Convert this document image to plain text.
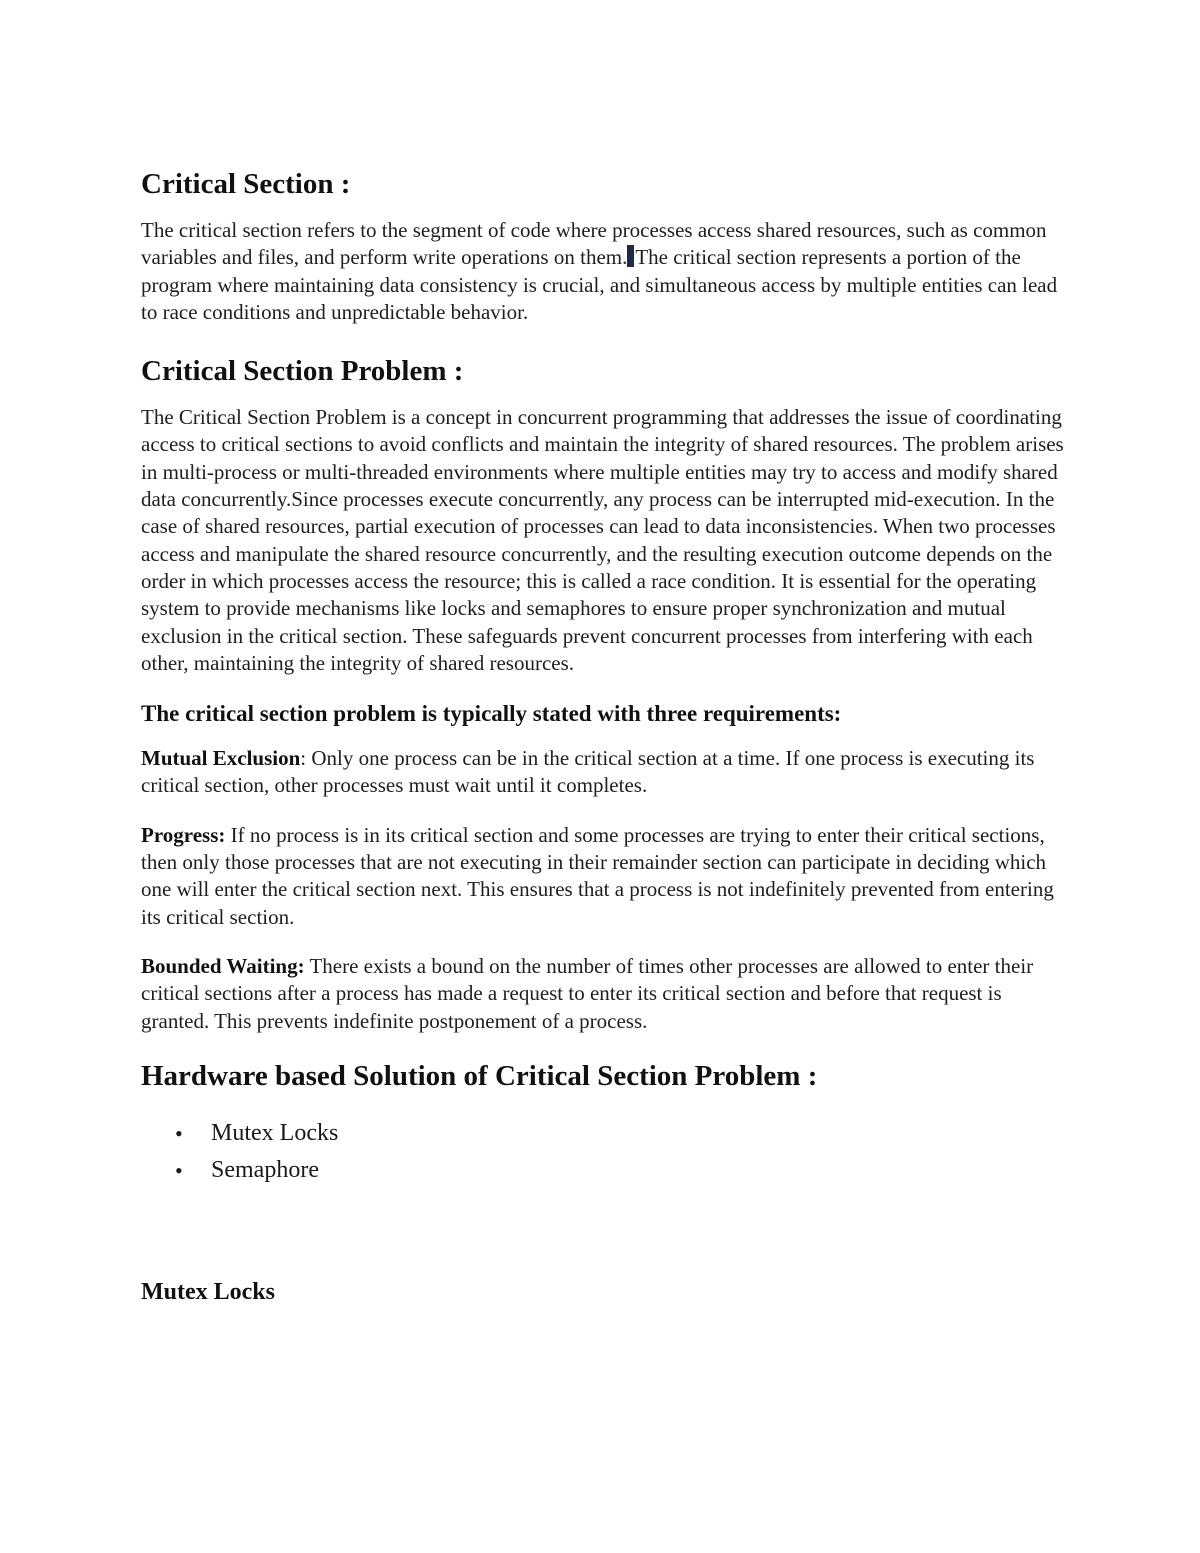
Critical Section :

The critical section refers to the segment of code where processes access shared resources, such as common variables and files, and perform write operations on them. The critical section represents a portion of the program where maintaining data consistency is crucial, and simultaneous access by multiple entities can lead to race conditions and unpredictable behavior.

Critical Section Problem :

The Critical Section Problem is a concept in concurrent programming that addresses the issue of coordinating access to critical sections to avoid conflicts and maintain the integrity of shared resources. The problem arises in multi-process or multi-threaded environments where multiple entities may try to access and modify shared data concurrently.Since processes execute concurrently, any process can be interrupted mid-execution. In the case of shared resources, partial execution of processes can lead to data inconsistencies. When two processes access and manipulate the shared resource concurrently, and the resulting execution outcome depends on the order in which processes access the resource; this is called a race condition. It is essential for the operating system to provide mechanisms like locks and semaphores to ensure proper synchronization and mutual exclusion in the critical section. These safeguards prevent concurrent processes from interfering with each other, maintaining the integrity of shared resources.

The critical section problem is typically stated with three requirements:

Mutual Exclusion: Only one process can be in the critical section at a time. If one process is executing its critical section, other processes must wait until it completes.

Progress: If no process is in its critical section and some processes are trying to enter their critical sections, then only those processes that are not executing in their remainder section can participate in deciding which one will enter the critical section next. This ensures that a process is not indefinitely prevented from entering its critical section.

Bounded Waiting: There exists a bound on the number of times other processes are allowed to enter their critical sections after a process has made a request to enter its critical section and before that request is granted. This prevents indefinite postponement of a process.

Hardware based Solution of Critical Section Problem :
• Mutex Locks
• Semaphore
Mutex Locks
